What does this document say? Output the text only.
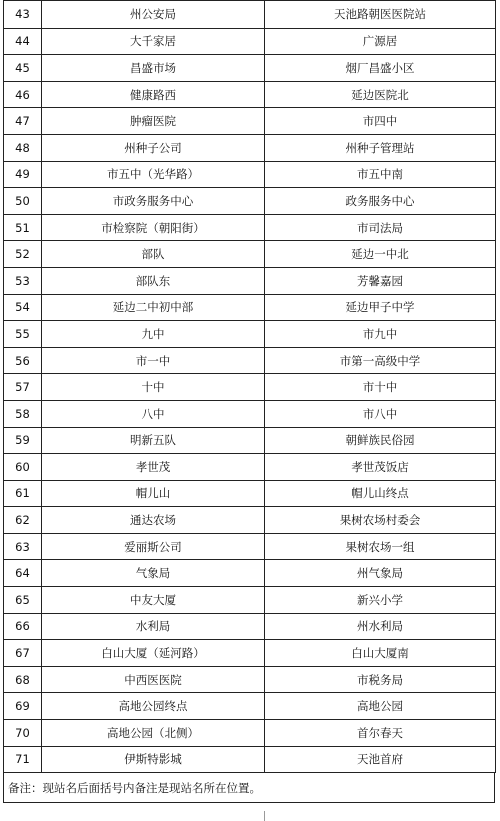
43	州公安局	天池路朝医医院站
44	大千家居	广源居
45	昌盛市场	烟厂昌盛小区
46	健康路西	延边医院北
47	肿瘤医院	市四中
48	州种子公司	州种子管理站
49	市五中（光华路）	市五中南
50	市政务服务中心	政务服务中心
51	市检察院（朝阳街）	市司法局
52	部队	延边一中北
53	部队东	芳馨嘉园
54	延边二中初中部	延边甲子中学
55	九中	市九中
56	市一中	市第一高级中学
57	十中	市十中
58	八中	市八中
59	明新五队	朝鲜族民俗园
60	孝世茂	孝世茂饭店
61	帽儿山	帽儿山终点
62	通达农场	果树农场村委会
63	爱丽斯公司	果树农场一组
64	气象局	州气象局
65	中友大厦	新兴小学
66	水利局	州水利局
67	白山大厦（延河路）	白山大厦南
68	中西医医院	市税务局
69	高地公园终点	高地公园
70	高地公园（北侧）	首尔春天
71	伊斯特影城	天池首府
备注：现站名后面括号内备注是现站名所在位置。
